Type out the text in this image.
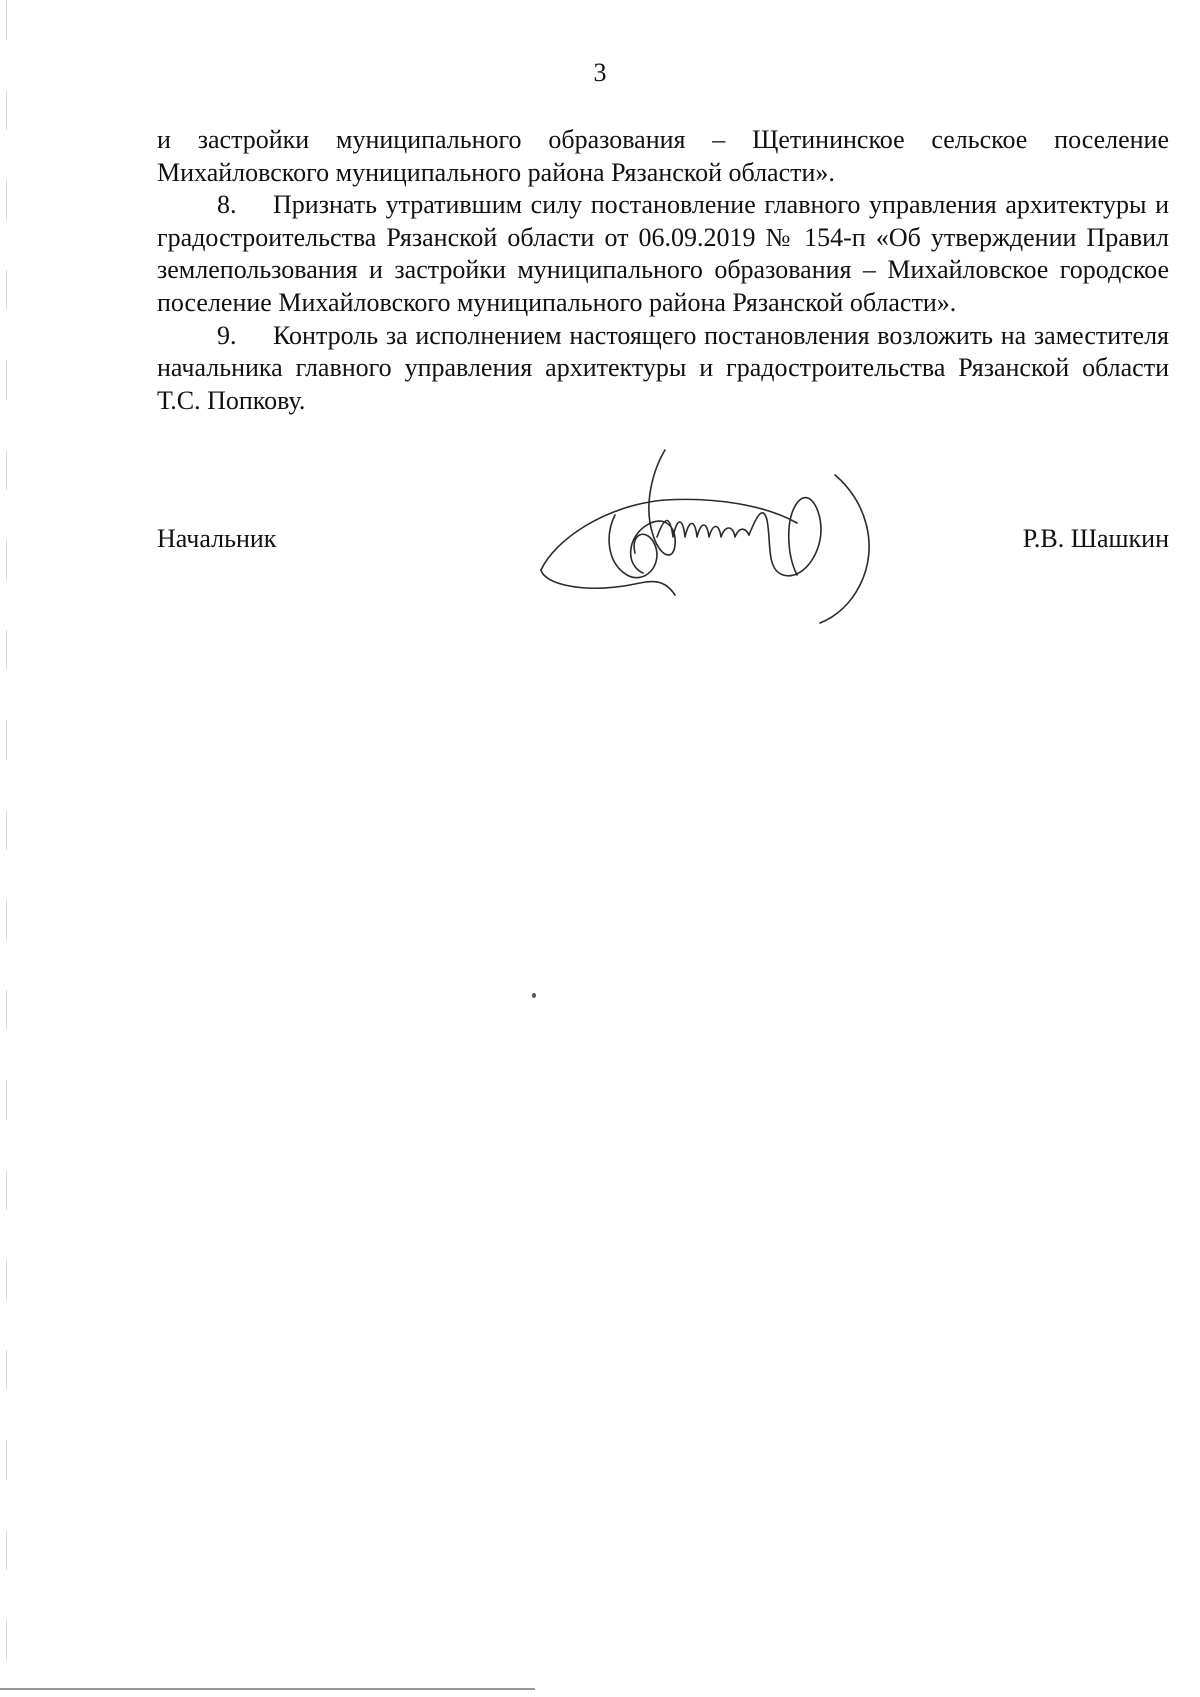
3

и застройки муниципального образования – Щетининское сельское поселение Михайловского муниципального района Рязанской области».

8. Признать утратившим силу постановление главного управления архитектуры и градостроительства Рязанской области от 06.09.2019 № 154-п «Об утверждении Правил землепользования и застройки муниципального образования – Михайловское городское поселение Михайловского муниципального района Рязанской области».

9. Контроль за исполнением настоящего постановления возложить на заместителя начальника главного управления архитектуры и градостроительства Рязанской области Т.С. Попкову.

Начальник	Р.В. Шашкин
